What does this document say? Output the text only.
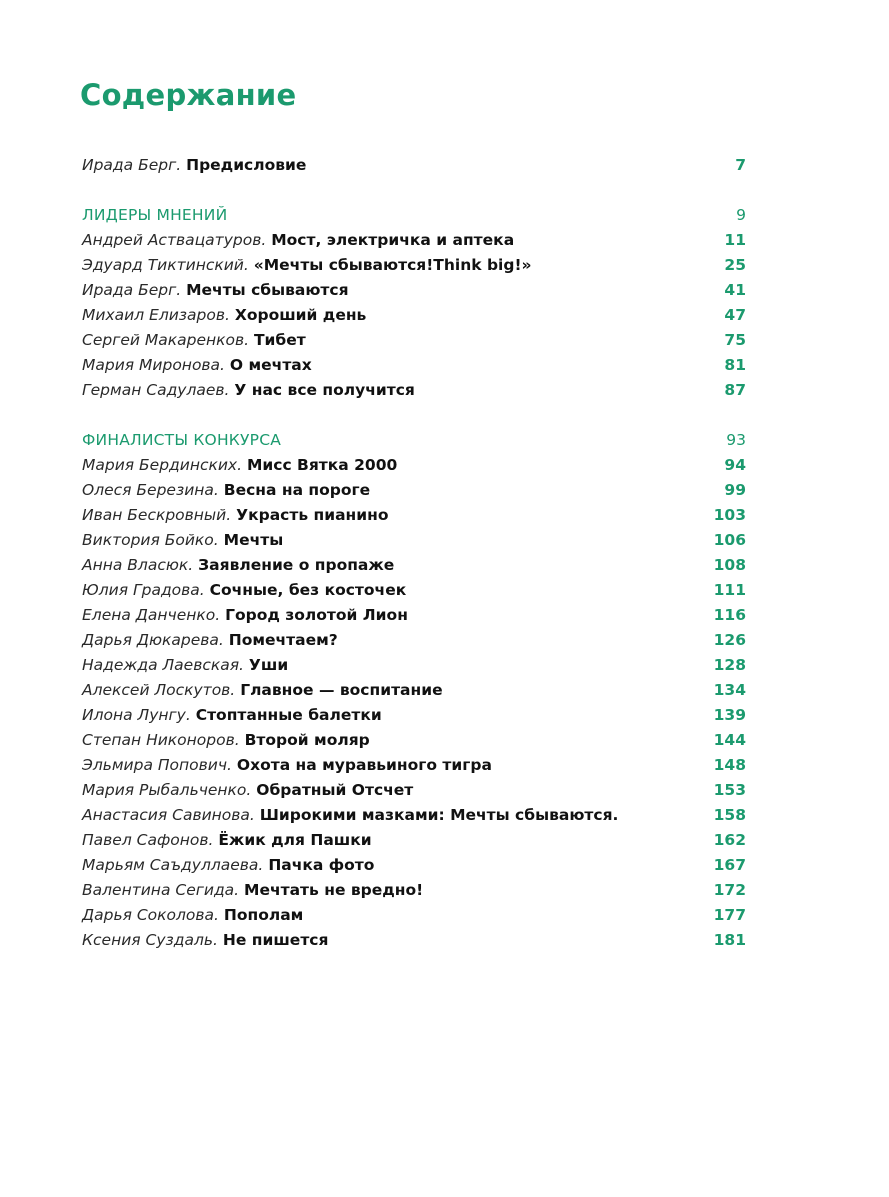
Содержание
Ирада Берг. Предисловие	7
ЛИДЕРЫ МНЕНИЙ	9
Андрей Аствацатуров. Мост, электричка и аптека	11
Эдуард Тиктинский. «Мечты сбываются!Think big!»	25
Ирада Берг. Мечты сбываются	41
Михаил Елизаров. Хороший день	47
Сергей Макаренков. Тибет	75
Мария Миронова. О мечтах	81
Герман Садулаев. У нас все получится	87
ФИНАЛИСТЫ КОНКУРСА	93
Мария Бердинских. Мисс Вятка 2000	94
Олеся Березина. Весна на пороге	99
Иван Бескровный. Украсть пианино	103
Виктория Бойко. Мечты	106
Анна Власюк. Заявление о пропаже	108
Юлия Градова. Сочные, без косточек	111
Елена Данченко. Город золотой Лион	116
Дарья Дюкарева. Помечтаем?	126
Надежда Лаевская. Уши	128
Алексей Лоскутов. Главное — воспитание	134
Илона Лунгу. Стоптанные балетки	139
Степан Никоноров. Второй моляр	144
Эльмира Попович. Охота на муравьиного тигра	148
Мария Рыбальченко. Обратный Отсчет	153
Анастасия Савинова. Широкими мазками: Мечты сбываются.	158
Павел Сафонов. Ёжик для Пашки	162
Марьям Саъдуллаева. Пачка фото	167
Валентина Сегида. Мечтать не вредно!	172
Дарья Соколова. Пополам	177
Ксения Суздаль. Не пишется	181
